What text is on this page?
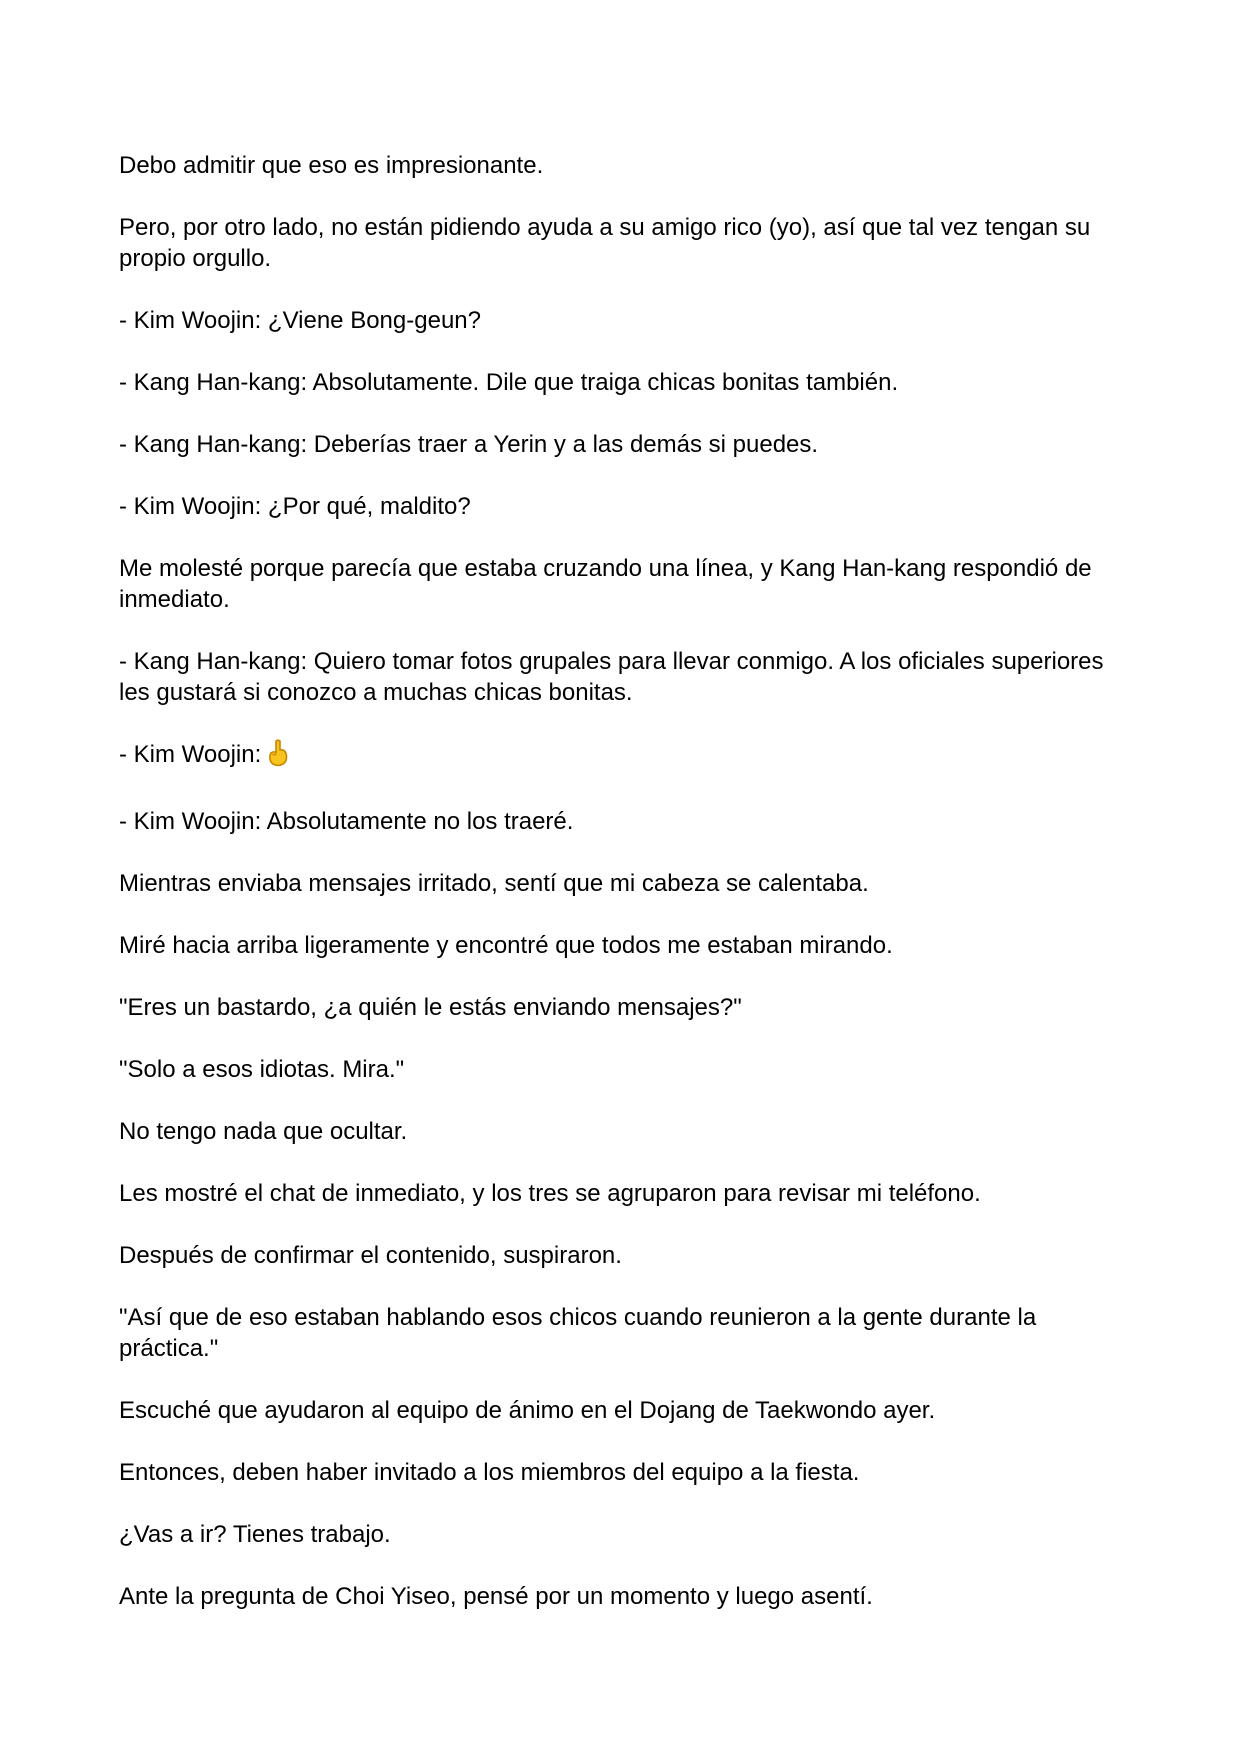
Debo admitir que eso es impresionante.

Pero, por otro lado, no están pidiendo ayuda a su amigo rico (yo), así que tal vez tengan su propio orgullo.

- Kim Woojin: ¿Viene Bong-geun?

- Kang Han-kang: Absolutamente. Dile que traiga chicas bonitas también.

- Kang Han-kang: Deberías traer a Yerin y a las demás si puedes.

- Kim Woojin: ¿Por qué, maldito?

Me molesté porque parecía que estaba cruzando una línea, y Kang Han-kang respondió de inmediato.

- Kang Han-kang: Quiero tomar fotos grupales para llevar conmigo. A los oficiales superiores les gustará si conozco a muchas chicas bonitas.

- Kim Woojin:

- Kim Woojin: Absolutamente no los traeré.

Mientras enviaba mensajes irritado, sentí que mi cabeza se calentaba.

Miré hacia arriba ligeramente y encontré que todos me estaban mirando.

"Eres un bastardo, ¿a quién le estás enviando mensajes?"

"Solo a esos idiotas. Mira."

No tengo nada que ocultar.

Les mostré el chat de inmediato, y los tres se agruparon para revisar mi teléfono.

Después de confirmar el contenido, suspiraron.

"Así que de eso estaban hablando esos chicos cuando reunieron a la gente durante la práctica."

Escuché que ayudaron al equipo de ánimo en el Dojang de Taekwondo ayer.

Entonces, deben haber invitado a los miembros del equipo a la fiesta.

¿Vas a ir? Tienes trabajo.

Ante la pregunta de Choi Yiseo, pensé por un momento y luego asentí.
